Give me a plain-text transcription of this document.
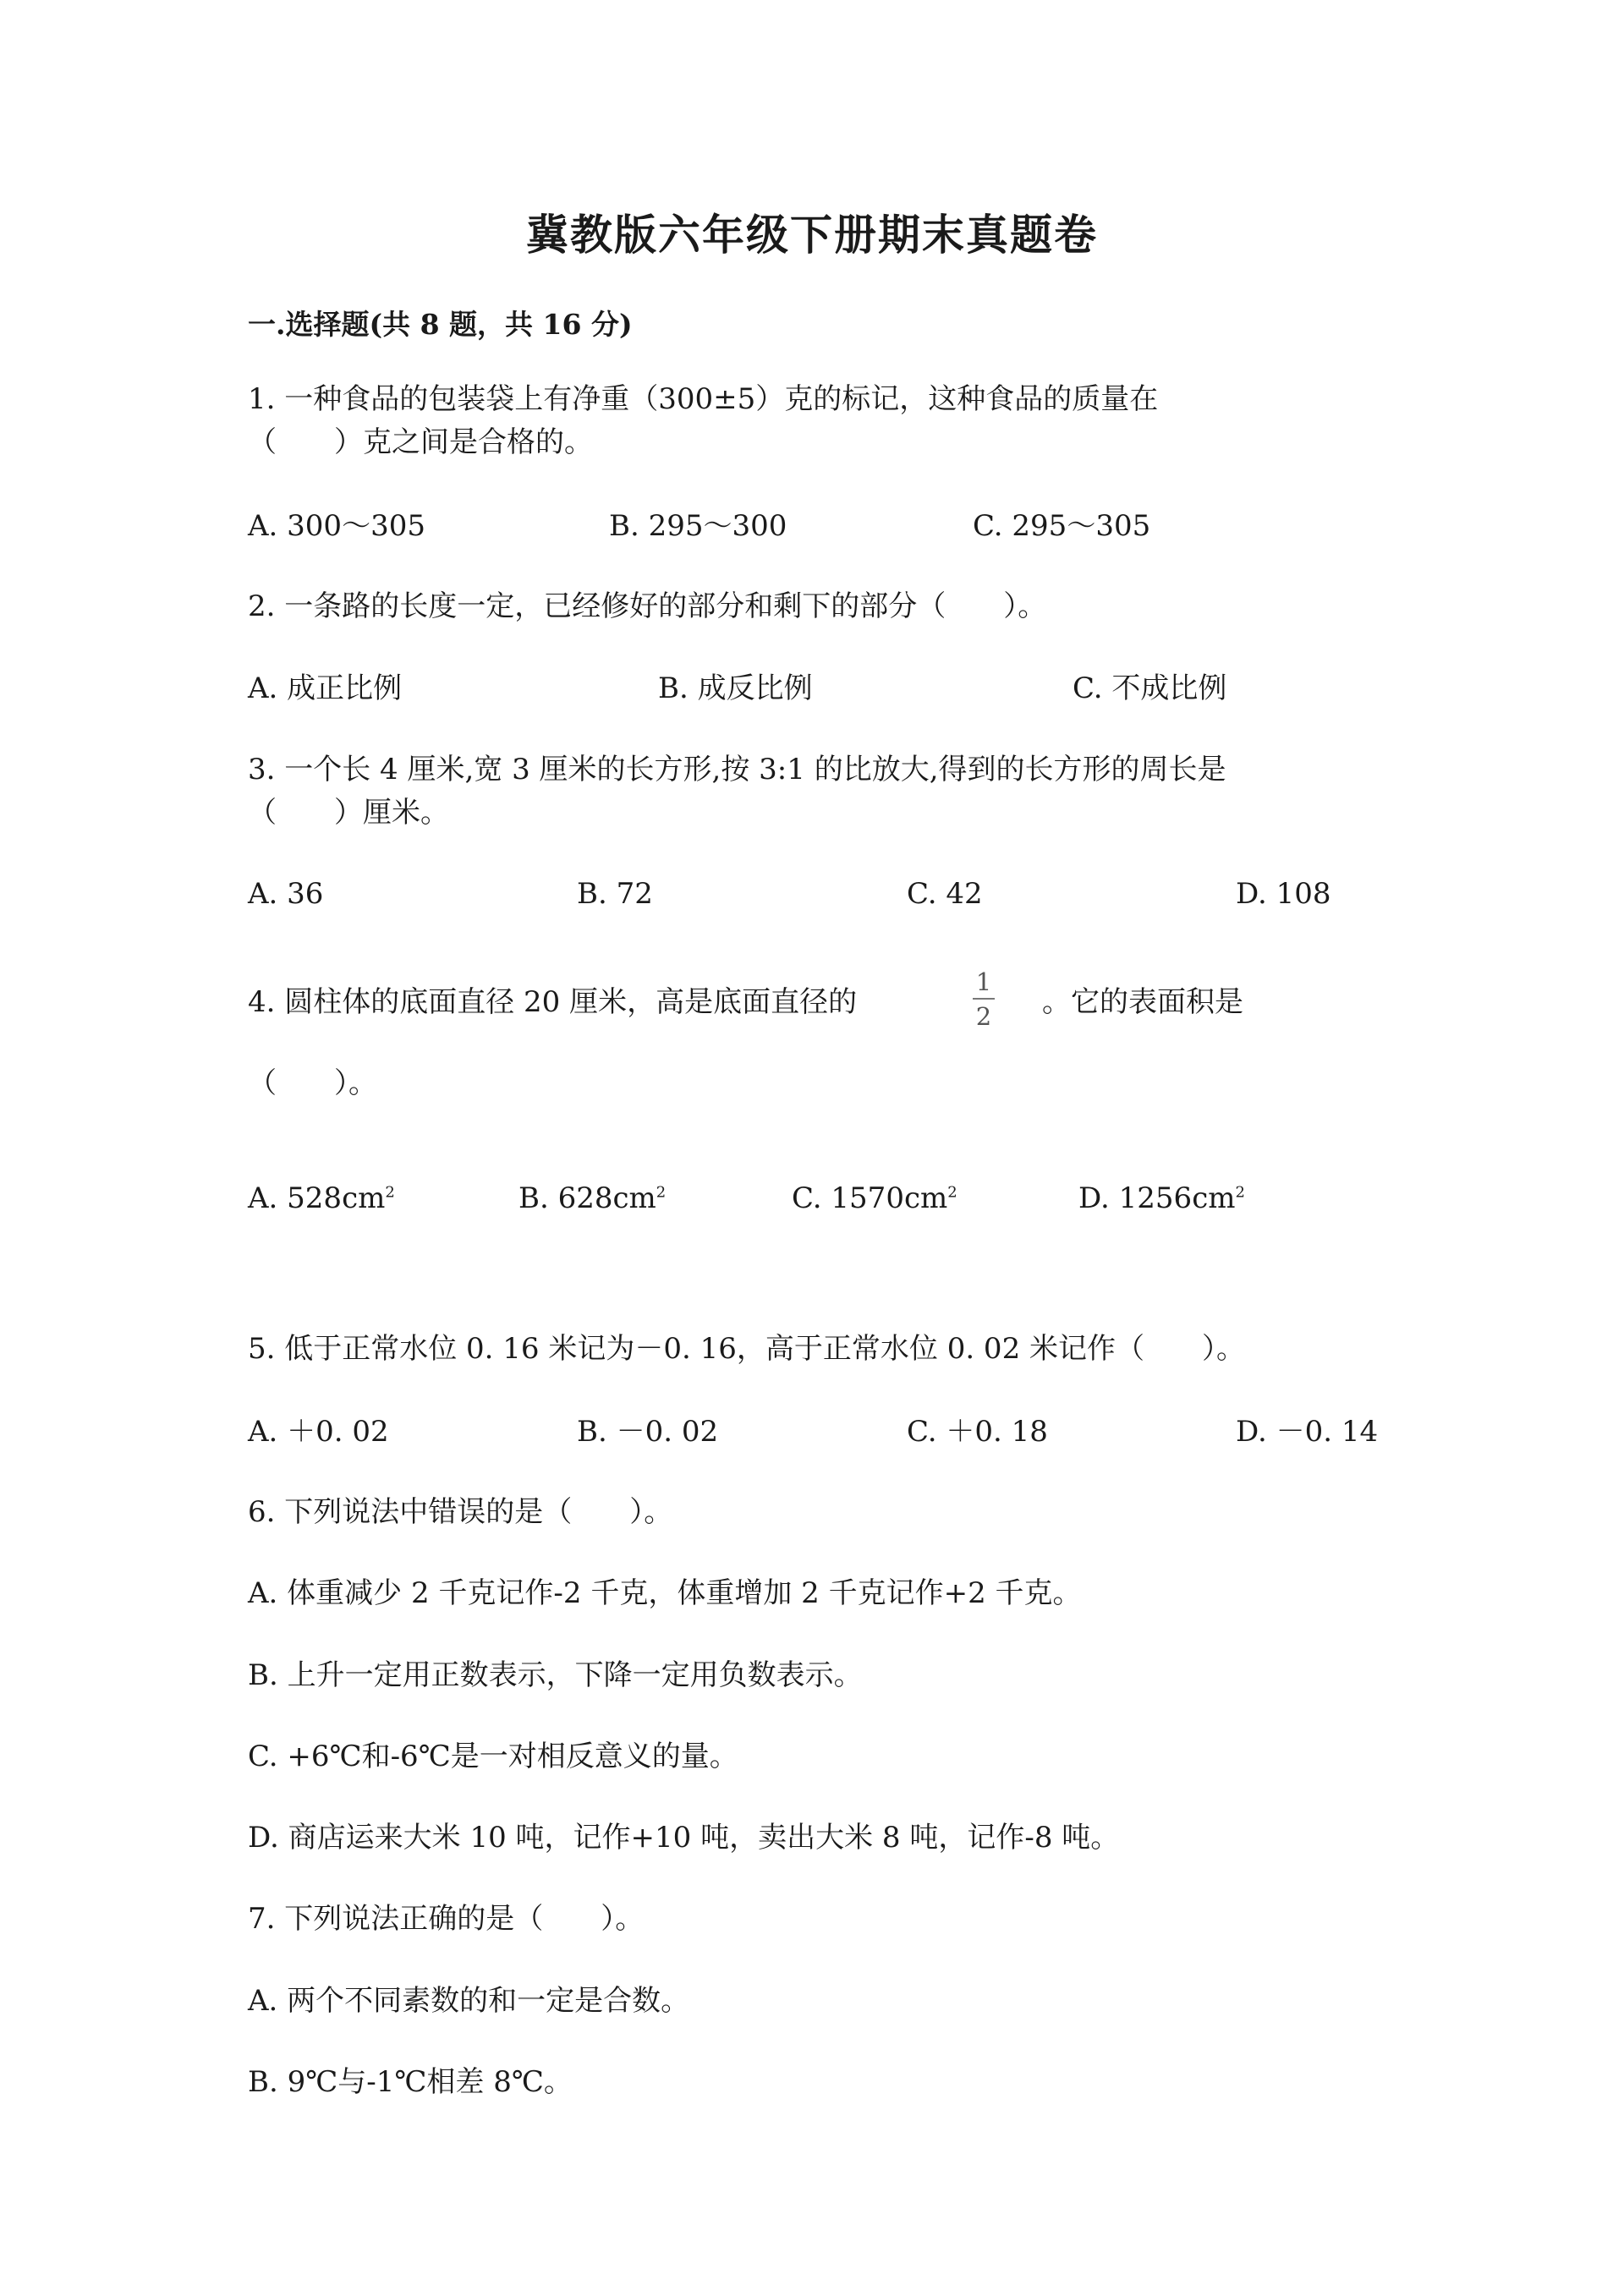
冀教版六年级下册期末真题卷
一.选择题(共 8 题，共 16 分)
1. 一种食品的包装袋上有净重（300±5）克的标记，这种食品的质量在
（　　）克之间是合格的。
A. 300～305	B. 295～300	C. 295～305
2. 一条路的长度一定，已经修好的部分和剩下的部分（　　）。
A. 成正比例	B. 成反比例	C. 不成比例
3. 一个长 4 厘米,宽 3 厘米的长方形,按 3:1 的比放大,得到的长方形的周长是
（　　）厘米。
A. 36	B. 72	C. 42	D. 108
4. 圆柱体的底面直径 20 厘米，高是底面直径的
1
2 。它的表面积是
（　　）。
A. $528cm^2$	B. $628cm^2$	C. $1570cm^2$	D. $1256cm^2$
5. 低于正常水位 0. 16 米记为－0. 16，高于正常水位 0. 02 米记作（　　）。
A. ＋0. 02	B. －0. 02	C. ＋0. 18	D. －0. 14
6. 下列说法中错误的是（　　）。
A. 体重减少 2 千克记作-2 千克，体重增加 2 千克记作+2 千克。
B. 上升一定用正数表示，下降一定用负数表示。
C. +6℃和-6℃是一对相反意义的量。
D. 商店运来大米 10 吨，记作+10 吨，卖出大米 8 吨，记作-8 吨。
7. 下列说法正确的是（　　）。
A. 两个不同素数的和一定是合数。
B. 9℃与-1℃相差 8℃。
